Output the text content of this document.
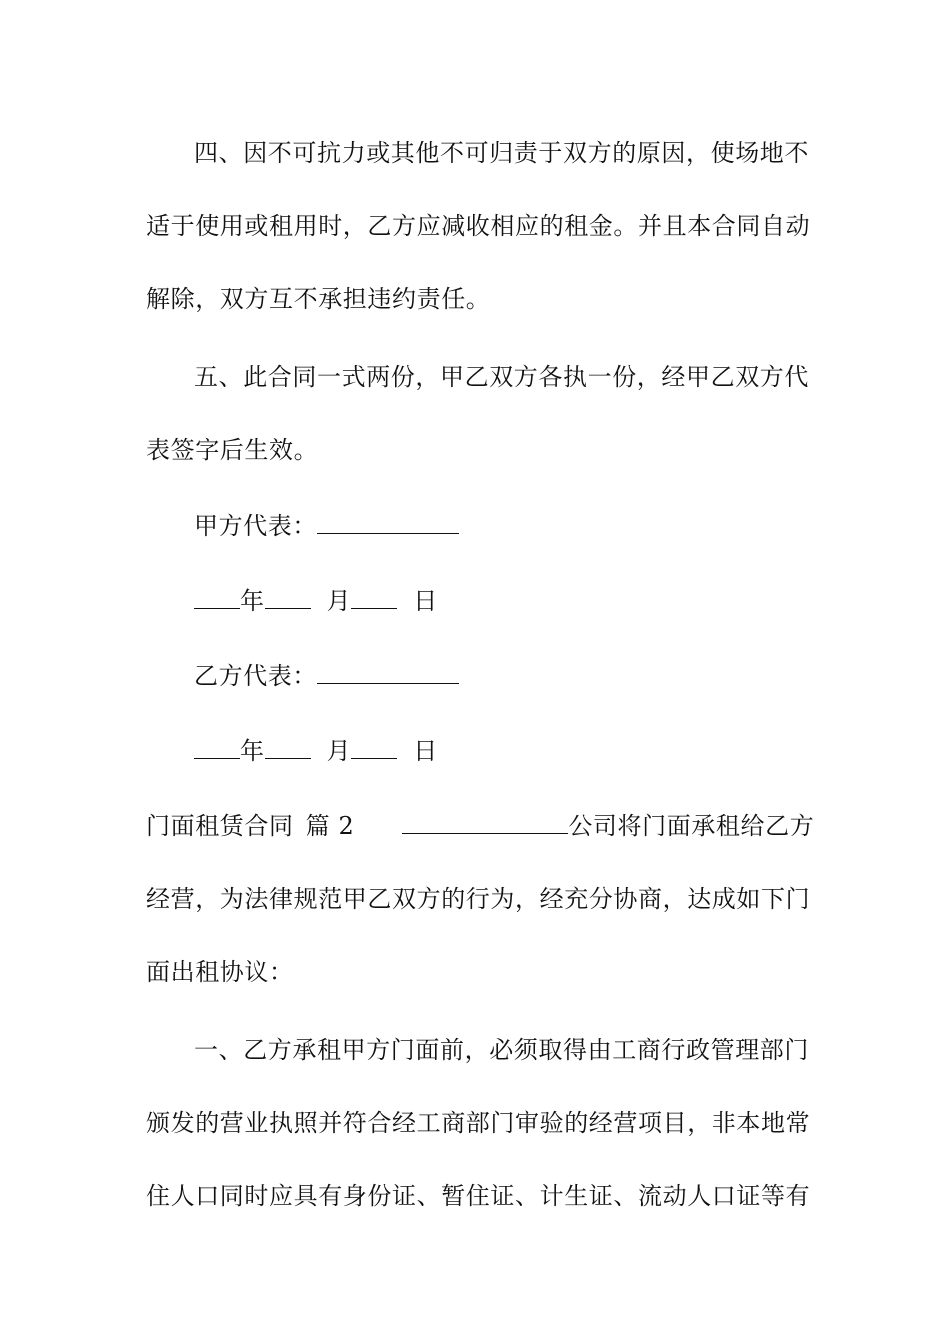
四、因不可抗力或其他不可归责于双方的原因，使场地不
适于使用或租用时，乙方应减收相应的租金。并且本合同自动
解除，双方互不承担违约责任。
五、此合同一式两份，甲乙双方各执一份，经甲乙双方代
表签字后生效。
甲方代表：
年	月	日
乙方代表：
年	月	日
门面租赁合同 篇 2	公司将门面承租给乙方
经营，为法律规范甲乙双方的行为，经充分协商，达成如下门
面出租协议：
一、乙方承租甲方门面前，必须取得由工商行政管理部门
颁发的营业执照并符合经工商部门审验的经营项目，非本地常
住人口同时应具有身份证、暂住证、计生证、流动人口证等有
